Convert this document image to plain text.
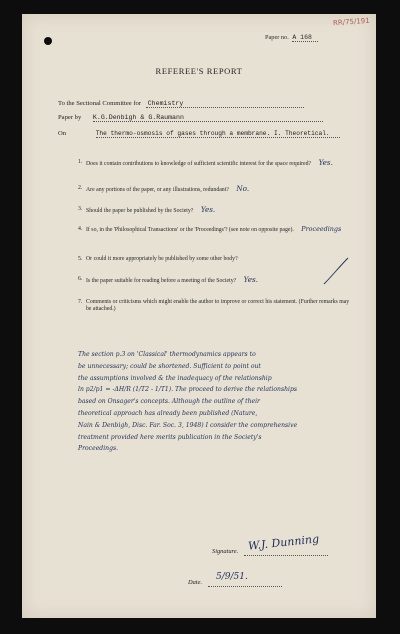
RR/75/191
Paper no. A 168
REFEREE'S REPORT
To the Sectional Committee for Chemistry
Paper by K.G.Denbigh & G.Raumann
On	The thermo-osmosis of gases through a membrane. I. Theoretical.
1. Does it contain contributions to knowledge of sufficient scientific interest for the space required? Yes.
2. Are any portions of the paper, or any illustrations, redundant? No.
3. Should the paper be published by the Society? Yes.
4. If so, in the 'Philosophical Transactions' or the 'Proceedings'? (see note on opposite page). Proceedings
5. Or could it more appropriately be published by some other body?
6. Is the paper suitable for reading before a meeting of the Society? Yes.
7. Comments or criticisms which might enable the author to improve or correct his statement. (Further remarks may be attached.)
The section p.3 on 'Classical' thermodynamics appears to
be unnecessary; could be shortened. Sufficient to point out
the assumptions involved & the inadequacy of the relationship
ln p2/p1 = -ΔH/R (1/T2 - 1/T1). The proceed to derive the relationships
based on Onsager's concepts. Although the outline of their
theoretical approach has already been published (Nature,
Nain & Denbigh, Disc. Far. Soc. 3, 1948) I consider the comprehensive
treatment provided here merits publication in the Society's
Proceedings.
Signature. W.J. Dunning
Date.
5/9/51.
